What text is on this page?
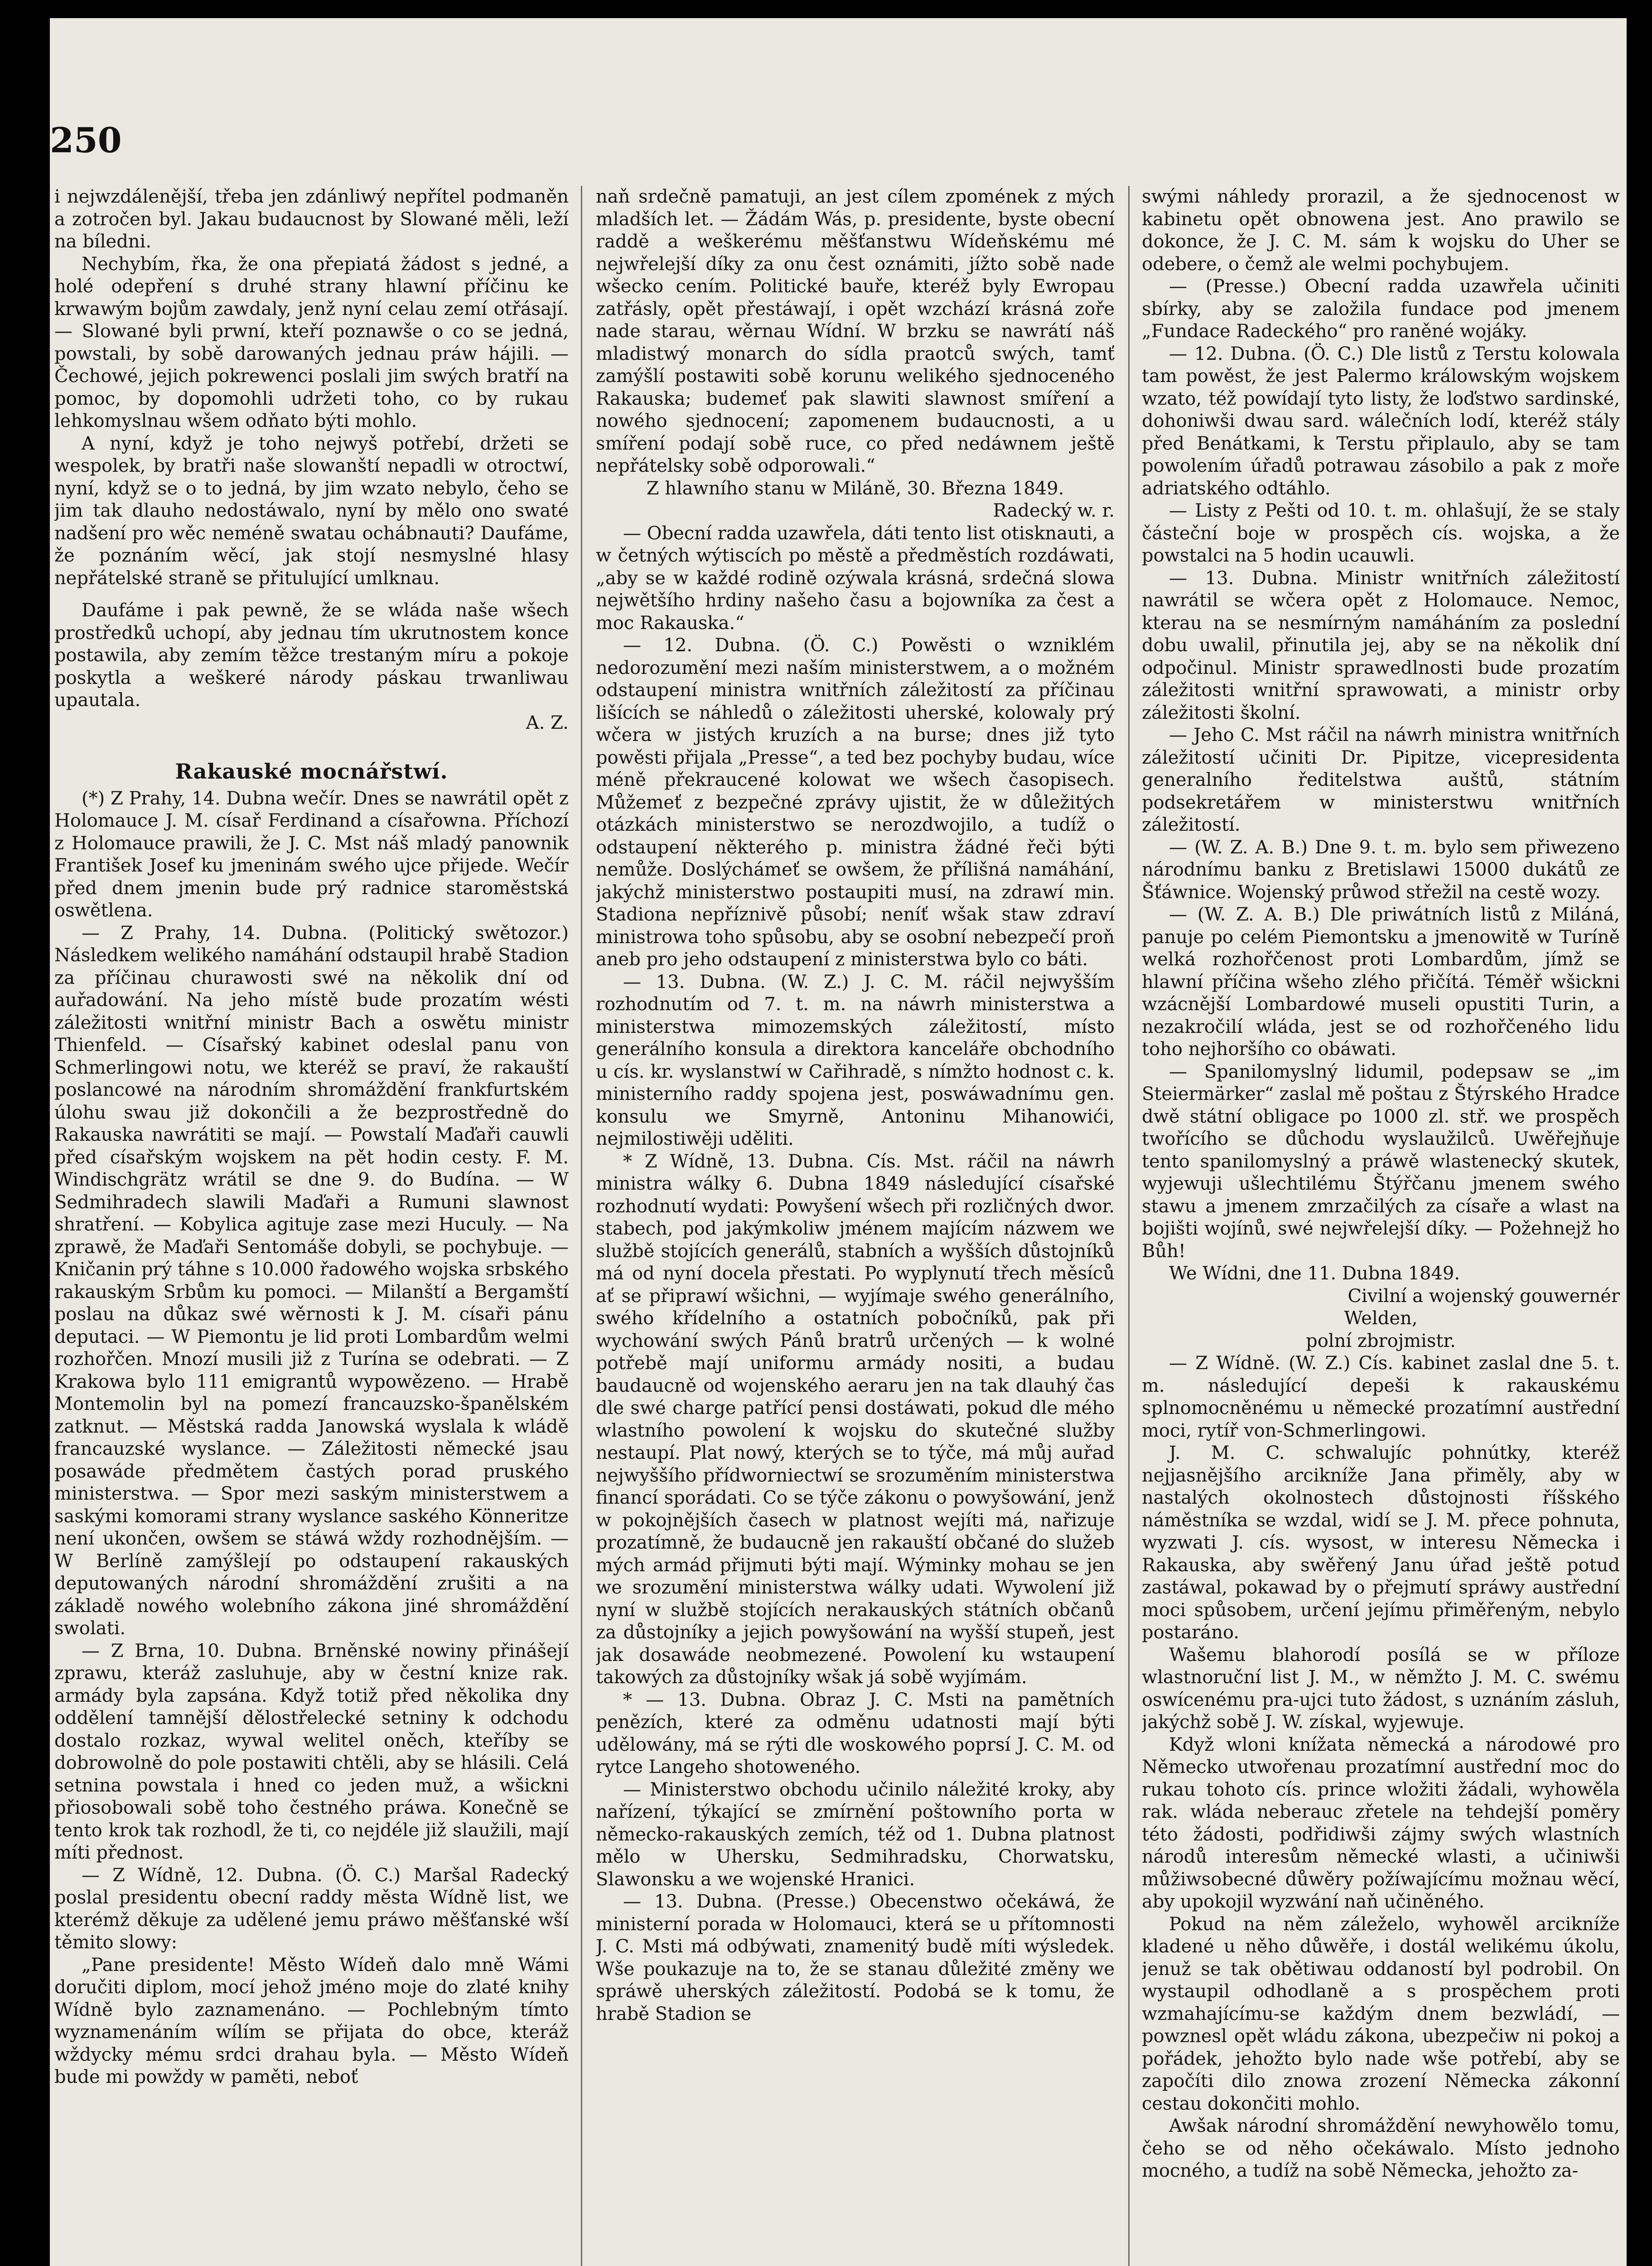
250

i nejwzdálenější, třeba jen zdánliwý nepřítel podmaněn a zotročen byl. Jakau budaucnost by Slowané měli, leží na bíledni.

Nechybím, řka, že ona přepiatá žádost s jedné, a holé odepření s druhé strany hlawní příčinu ke krwawým bojům zawdaly, jenž nyní celau zemí otřásají. — Slowané byli prwní, kteří poznawše o co se jedná, powstali, by sobě darowaných jednau práw hájili. — Čechowé, jejich pokrewenci poslali jim swých bratří na pomoc, by dopomohli udržeti toho, co by rukau lehkomyslnau wšem odňato býti mohlo.

A nyní, když je toho nejwyš potřebí, držeti se wespolek, by bratři naše slowanští nepadli w otroctwí, nyní, když se o to jedná, by jim wzato nebylo, čeho se jim tak dlauho nedostáwalo, nyní by mělo ono swaté nadšení pro wěc neméně swatau ochábnauti? Daufáme, že poznáním wěcí, jak stojí nesmyslné hlasy nepřátelské straně se přitulující umlknau.

Daufáme i pak pewně, že se wláda naše wšech prostředků uchopí, aby jednau tím ukrutnostem konce postawila, aby zemím těžce trestaným míru a pokoje poskytla a weškeré národy páskau trwanliwau upautala.

A. Z.

Rakauské mocnářstwí.

(*) Z Prahy, 14. Dubna wečír. Dnes se nawrátil opět z Holomauce J. M. císař Ferdinand a císařowna. Příchozí z Holomauce prawili, že J. C. Mst náš mladý panownik František Josef ku jmeninám swého ujce přijede. Wečír před dnem jmenin bude prý radnice staroměstská oswětlena.

— Z Prahy, 14. Dubna. (Politický swětozor.) Následkem welikého namáhání odstaupil hrabě Stadion za příčinau churawosti swé na několik dní od auřadowání. Na jeho místě bude prozatím wésti záležitosti wnitřní ministr Bach a oswětu ministr Thienfeld. — Císařský kabinet odeslal panu von Schmerlingowi notu, we kteréž se praví, že rakauští poslancowé na národním shromáždění frankfurtském úlohu swau již dokončili a že bezprostředně do Rakauska nawrátiti se mají. — Powstalí Maďaři cauwli před císařským wojskem na pět hodin cesty. F. M. Windischgrätz wrátil se dne 9. do Budína. — W Sedmihradech slawili Maďaři a Rumuni slawnost shratření. — Kobylica agituje zase mezi Huculy. — Na zprawě, že Maďaři Sentomáše dobyli, se pochybuje. — Kničanin prý táhne s 10.000 řadowého wojska srbského rakauským Srbům ku pomoci. — Milanští a Bergamští poslau na důkaz swé wěrnosti k J. M. císaři pánu deputaci. — W Piemontu je lid proti Lombardům welmi rozhořčen. Mnozí musili již z Turína se odebrati. — Z Krakowa bylo 111 emigrantů wypowězeno. — Hrabě Montemolin byl na pomezí francauzsko-španělském zatknut. — Městská radda Janowská wyslala k wládě francauzské wyslance. — Záležitosti německé jsau posawáde předmětem častých porad pruského ministerstwa. — Spor mezi saským ministerstwem a saskými komorami strany wyslance saského Könneritze není ukončen, owšem se stáwá wždy rozhodnějším. — W Berlíně zamýšlejí po odstaupení rakauských deputowaných národní shromáždění zrušiti a na základě nowého wolebního zákona jiné shromáždění swolati.

— Z Brna, 10. Dubna. Brněnské nowiny přinášejí zprawu, kteráž zasluhuje, aby w čestní knize rak. armády byla zapsána. Když totiž před několika dny oddělení tamnější dělostřelecké setniny k odchodu dostalo rozkaz, wywal welitel oněch, kteříby se dobrowolně do pole postawiti chtěli, aby se hlásili. Celá setnina powstala i hned co jeden muž, a wšickni přiosobowali sobě toho čestného práwa. Konečně se tento krok tak rozhodl, že ti, co nejdéle již slaužili, mají míti přednost.

— Z Wídně, 12. Dubna. (Ö. C.) Maršal Radecký poslal presidentu obecní raddy města Wídně list, we kterémž děkuje za udělené jemu práwo měšťanské wší těmito slowy:

„Pane presidente! Město Wídeň dalo mně Wámi doručiti diplom, mocí jehož jméno moje do zlaté knihy Wídně bylo zaznamenáno. — Pochlebným tímto wyznamenáním wílím se přijata do obce, kteráž wždycky mému srdci drahau byla. — Město Wídeň bude mi powždy w paměti, neboť

naň srdečně pamatuji, an jest cílem zpomének z mých mladších let. — Žádám Wás, p. presidente, byste obecní raddě a weškerému měšťanstwu Wídeňskému mé nejwřelejší díky za onu čest oznámiti, jížto sobě nade wšecko cením. Politické bauře, kteréž byly Ewropau zatřásly, opět přestáwají, i opět wzchází krásná zoře nade starau, wěrnau Wídní. W brzku se nawrátí náš mladistwý monarch do sídla praotců swých, tamť zamýšlí postawiti sobě korunu welikého sjednoceného Rakauska; budemeť pak slawiti slawnost smíření a nowého sjednocení; zapomenem budaucnosti, a u smíření podají sobě ruce, co před nedáwnem ještě nepřátelsky sobě odporowali.“

Z hlawního stanu w Miláně, 30. Března 1849.

Radecký w. r.

— Obecní radda uzawřela, dáti tento list otisknauti, a w četných wýtiscích po městě a předměstích rozdáwati, „aby se w každé rodině ozýwala krásná, srdečná slowa nejwětšího hrdiny našeho času a bojowníka za čest a moc Rakauska.“

— 12. Dubna. (Ö. C.) Powěsti o wzniklém nedorozumění mezi naším ministerstwem, a o možném odstaupení ministra wnitřních záležitostí za příčinau lišících se náhledů o záležitosti uherské, kolowaly prý wčera w jistých kruzích a na burse; dnes již tyto powěsti přijala „Presse“, a ted bez pochyby budau, wíce méně překraucené kolowat we wšech časopisech. Můžemeť z bezpečné zprávy ujistit, že w důležitých otázkách ministerstwo se nerozdwojilo, a tudíž o odstaupení některého p. ministra žádné řeči býti nemůže. Doslýchámeť se owšem, že přílišná namáhání, jakýchž ministerstwo postaupiti musí, na zdrawí min. Stadiona nepříznivě působí; neníť wšak staw zdraví ministrowa toho spůsobu, aby se osobní nebezpečí proň aneb pro jeho odstaupení z ministerstwa bylo co báti.

— 13. Dubna. (W. Z.) J. C. M. ráčil nejwyšším rozhodnutím od 7. t. m. na náwrh ministerstwa a ministerstwa mimozemských záležitostí, místo generálního konsula a direktora kanceláře obchodního u cís. kr. wyslanstwí w Cařihradě, s nímžto hodnost c. k. ministerního raddy spojena jest, poswáwadnímu gen. konsulu we Smyrně, Antoninu Mihanowići, nejmilostiwěji uděliti.

* Z Wídně, 13. Dubna. Cís. Mst. ráčil na náwrh ministra wálky 6. Dubna 1849 následující císařské rozhodnutí wydati: Powyšení wšech při rozličných dwor. stabech, pod jakýmkoliw jménem majícím názwem we službě stojících generálů, stabních a wyšších důstojníků má od nyní docela přestati. Po wyplynutí třech měsíců ať se připrawí wšichni, — wyjímaje swého generálního, swého křídelního a ostatních pobočníků, pak při wychowání swých Pánů bratrů určených — k wolné potřebě mají uniformu armády nositi, a budau baudaucně od wojenského aeraru jen na tak dlauhý čas dle swé charge patřící pensi dostáwati, pokud dle mého wlastního powolení k wojsku do skutečné služby nestaupí. Plat nowý, kterých se to týče, má můj auřad nejwyššího přídworniectwí se srozuměním ministerstwa financí sporádati. Co se týče zákonu o powyšowání, jenž w pokojnějších časech w platnost wejíti má, nařizuje prozatímně, že budaucně jen rakauští občané do služeb mých armád přijmuti býti mají. Wýminky mohau se jen we srozumění ministerstwa wálky udati. Wywolení již nyní w službě stojících nerakauských státních občanů za důstojníky a jejich powyšowání na wyšší stupeň, jest jak dosawáde neobmezené. Powolení ku wstaupení takowých za důstojníky wšak já sobě wyjímám.

* — 13. Dubna. Obraz J. C. Msti na pamětních penězích, které za odměnu udatnosti mají býti udělowány, má se rýti dle woskowého poprsí J. C. M. od rytce Langeho shotoweného.

— Ministerstwo obchodu učinilo náležité kroky, aby nařízení, týkající se zmírnění poštowního porta w německo-rakauských zemích, též od 1. Dubna platnost mělo w Uhersku, Sedmihradsku, Chorwatsku, Slawonsku a we wojenské Hranici.

— 13. Dubna. (Presse.) Obecenstwo očekáwá, že ministerní porada w Holomauci, která se u přítomnosti J. C. Msti má odbýwati, znamenitý budě míti wýsledek. Wše poukazuje na to, že se stanau důležité změny we spráwě uherských záležitostí. Podobá se k tomu, že hrabě Stadion se

swými náhledy prorazil, a že sjednocenost w kabinetu opět obnowena jest. Ano prawilo se dokonce, že J. C. M. sám k wojsku do Uher se odebere, o čemž ale welmi pochybujem.

— (Presse.) Obecní radda uzawřela učiniti sbírky, aby se založila fundace pod jmenem „Fundace Radeckého“ pro raněné wojáky.

— 12. Dubna. (Ö. C.) Dle listů z Terstu kolowala tam powěst, že jest Palermo králowským wojskem wzato, též powídají tyto listy, že loďstwo sardinské, dohoniwši dwau sard. wálečních lodí, kteréž stály před Benátkami, k Terstu připlaulo, aby se tam powolením úřadů potrawau zásobilo a pak z moře adriatského odtáhlo.

— Listy z Pešti od 10. t. m. ohlašují, že se staly částeční boje w prospěch cís. wojska, a že powstalci na 5 hodin ucauwli.

— 13. Dubna. Ministr wnitřních záležitostí nawrátil se wčera opět z Holomauce. Nemoc, kterau na se nesmírným namáháním za poslední dobu uwalil, přinutila jej, aby se na několik dní odpočinul. Ministr sprawedlnosti bude prozatím záležitosti wnitřní sprawowati, a ministr orby záležitosti školní.

— Jeho C. Mst ráčil na náwrh ministra wnitřních záležitostí učiniti Dr. Pipitze, vicepresidenta generalního ředitelstwa auštů, státním podsekretářem w ministerstwu wnitřních záležitostí.

— (W. Z. A. B.) Dne 9. t. m. bylo sem přiwezeno národnímu banku z Bretislawi 15000 dukátů ze Šťáwnice. Wojenský průwod střežil na cestě wozy.

— (W. Z. A. B.) Dle priwátních listů z Miláná, panuje po celém Piemontsku a jmenowitě w Turíně welká rozhořčenost proti Lombardům, jímž se hlawní příčina wšeho zlého přičítá. Téměř wšickni wzácnější Lombardowé museli opustiti Turin, a nezakročilí wláda, jest se od rozhořčeného lidu toho nejhoršího co obáwati.

— Spanilomyslný lidumil, podepsaw se „im Steiermärker“ zaslal mě poštau z Štýrského Hradce dwě státní obligace po 1000 zl. stř. we prospěch twořícího se důchodu wyslaužilců. Uwěřejňuje tento spanilomyslný a práwě wlastenecký skutek, wyjewuji ušlechtilému Štýřčanu jmenem swého stawu a jmenem zmrzačilých za císaře a wlast na bojišti wojínů, swé nejwřelejší díky. — Požehnejž ho Bůh!

We Wídni, dne 11. Dubna 1849.

Civilní a wojenský gouwernér

Welden,

polní zbrojmistr.

— Z Wídně. (W. Z.) Cís. kabinet zaslal dne 5. t. m. následující depeši k rakauskému splnomocněnému u německé prozatímní austřední moci, rytíř von-Schmerlingowi.

J. M. C. schwalujíc pohnútky, kteréž nejjasnějšího arcikníže Jana přiměly, aby w nastalých okolnostech důstojnosti říšského náměstníka se wzdal, widí se J. M. přece pohnuta, wyzwati J. cís. wysost, w interesu Německa i Rakauska, aby swěřený Janu úřad ještě potud zastáwal, pokawad by o přejmutí spráwy austřední moci spůsobem, určení jejímu přiměřeným, nebylo postaráno.

Wašemu blahorodí posílá se w příloze wlastnoruční list J. M., w němžto J. M. C. swému oswícenému pra-ujci tuto žádost, s uznáním zásluh, jakýchž sobě J. W. získal, wyjewuje.

Když wloni knížata německá a národowé pro Německo utwořenau prozatímní austřední moc do rukau tohoto cís. prince wložiti žádali, wyhowěla rak. wláda neberauc zřetele na tehdejší poměry této žádosti, podřidiwši zájmy swých wlastních národů interesům německé wlasti, a učiniwši můžiwsobecné důwěry požíwajícímu možnau wěcí, aby upokojil wyzwání naň učiněného.

Pokud na něm záleželo, wyhowěl arcikníže kladené u něho důwěře, i dostál welikému úkolu, jenuž se tak obětiwau oddaností byl podrobil. On wystaupil odhodlaně a s prospěchem proti wzmahajícímu-se každým dnem bezwládí, — powznesl opět wládu zákona, ubezpečiw ni pokoj a pořádek, jehožto bylo nade wše potřebí, aby se započíti dilo znowa zrození Německa zákonní cestau dokončiti mohlo.

Awšak národní shromáždění newyhowělo tomu, čeho se od něho očekáwalo. Místo jednoho mocného, a tudíž na sobě Německa, jehožto za-
